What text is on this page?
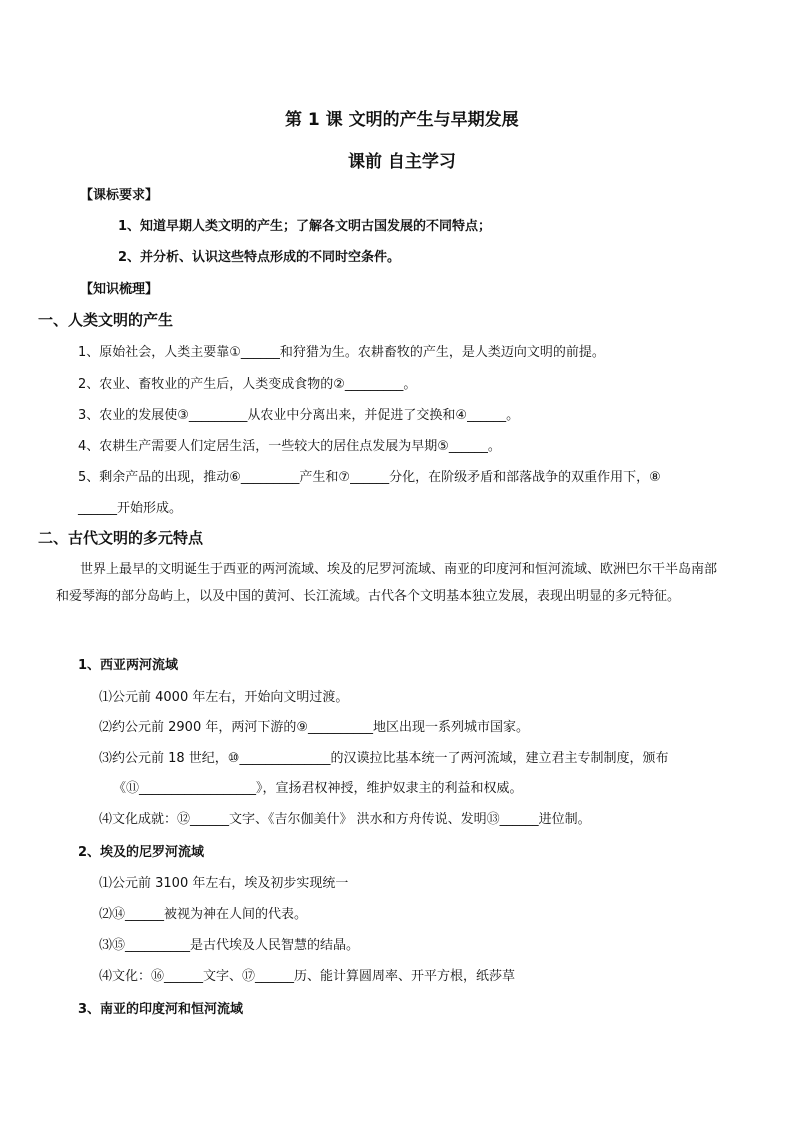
第 1 课 文明的产生与早期发展
课前 自主学习
【课标要求】
1、知道早期人类文明的产生；了解各文明古国发展的不同特点；
2、并分析、认识这些特点形成的不同时空条件。
【知识梳理】
一、人类文明的产生
1、原始社会，人类主要靠①______和狩猎为生。农耕畜牧的产生，是人类迈向文明的前提。
2、农业、畜牧业的产生后，人类变成食物的②_________。
3、农业的发展使③_________从农业中分离出来，并促进了交换和④______。
4、农耕生产需要人们定居生活，一些较大的居住点发展为早期⑤______。
5、剩余产品的出现，推动⑥_________产生和⑦______分化，在阶级矛盾和部落战争的双重作用下，⑧
______开始形成。
二、古代文明的多元特点
世界上最早的文明诞生于西亚的两河流域、埃及的尼罗河流域、南亚的印度河和恒河流域、欧洲巴尔干半岛南部和爱琴海的部分岛屿上，以及中国的黄河、长江流域。古代各个文明基本独立发展，表现出明显的多元特征。
1、西亚两河流域
⑴公元前 4000 年左右，开始向文明过渡。
⑵约公元前 2900 年，两河下游的⑨__________地区出现一系列城市国家。
⑶约公元前 18 世纪，⑩______________的汉谟拉比基本统一了两河流域，建立君主专制制度，颁布
《⑪__________________》，宣扬君权神授，维护奴隶主的利益和权威。
⑷文化成就：⑫______文字、《吉尔伽美什》 洪水和方舟传说、发明⑬______进位制。
2、埃及的尼罗河流域
⑴公元前 3100 年左右，埃及初步实现统一
⑵⑭______被视为神在人间的代表。
⑶⑮__________是古代埃及人民智慧的结晶。
⑷文化：⑯______文字、⑰______历、能计算圆周率、开平方根，纸莎草
3、南亚的印度河和恒河流域
